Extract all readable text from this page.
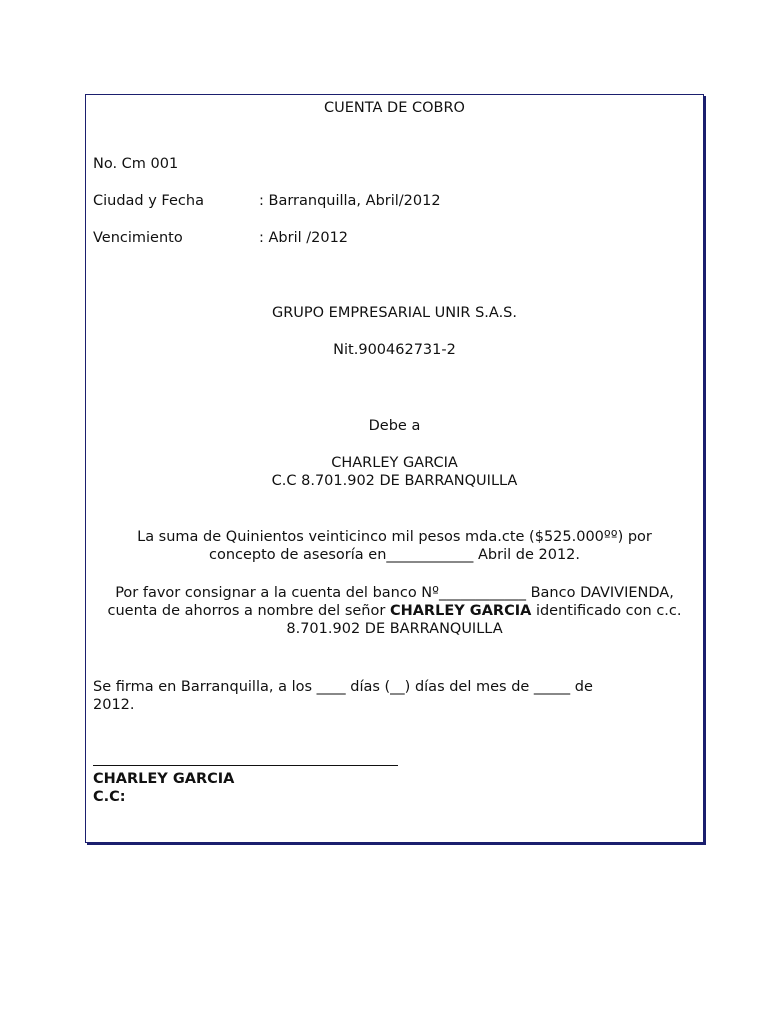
CUENTA DE COBRO
No. Cm 001
Ciudad y Fecha	: Barranquilla, Abril/2012
Vencimiento	: Abril /2012
GRUPO EMPRESARIAL UNIR S.A.S.
Nit.900462731-2
Debe a
CHARLEY GARCIA
C.C 8.701.902 DE BARRANQUILLA
La suma de Quinientos veinticinco mil pesos mda.cte ($525.000ºº) por
concepto de asesoría en____________ Abril de 2012.
Por favor consignar a la cuenta del banco Nº____________ Banco DAVIVIENDA, cuenta de ahorros a nombre del señor CHARLEY GARCIA identificado con c.c. 8.701.902 DE BARRANQUILLA
Se firma en Barranquilla, a los ____ días (__) días del mes de _____ de
2012.
CHARLEY GARCIA
C.C:
